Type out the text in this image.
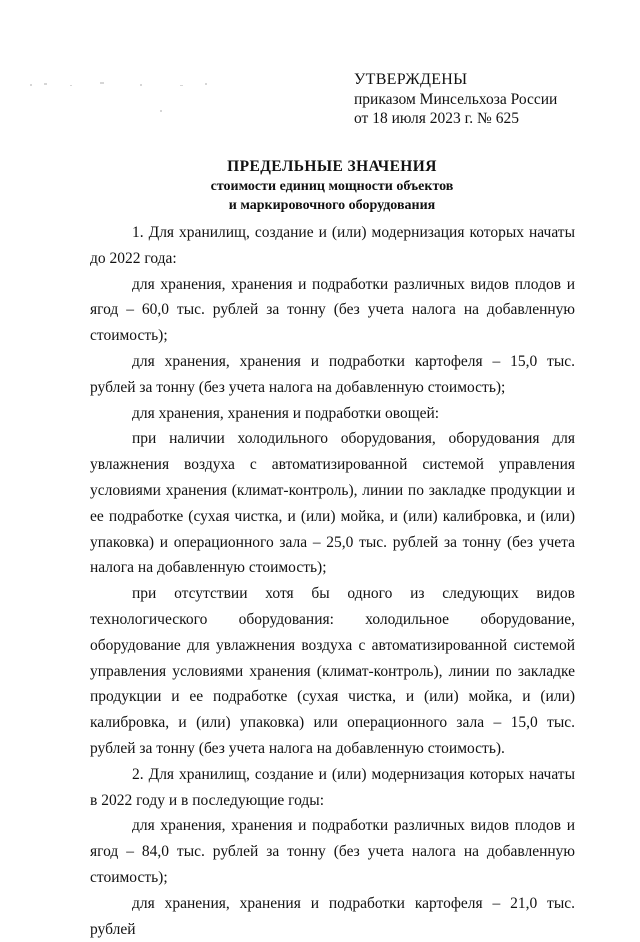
УТВЕРЖДЕНЫ
приказом Минсельхоза России
от 18 июля 2023 г. № 625
ПРЕДЕЛЬНЫЕ ЗНАЧЕНИЯ
стоимости единиц мощности объектов
и маркировочного оборудования

1. Для хранилищ, создание и (или) модернизация которых начаты до 2022 года:

для хранения, хранения и подработки различных видов плодов и ягод – 60,0 тыс. рублей за тонну (без учета налога на добавленную стоимость);

для хранения, хранения и подработки картофеля – 15,0 тыс. рублей за тонну (без учета налога на добавленную стоимость);

для хранения, хранения и подработки овощей:

при наличии холодильного оборудования, оборудования для увлажнения воздуха с автоматизированной системой управления условиями хранения (климат-контроль), линии по закладке продукции и ее подработке (сухая чистка, и (или) мойка, и (или) калибровка, и (или) упаковка) и операционного зала – 25,0 тыс. рублей за тонну (без учета налога на добавленную стоимость);

при отсутствии хотя бы одного из следующих видов технологического оборудования: холодильное оборудование, оборудование для увлажнения воздуха с автоматизированной системой управления условиями хранения (климат-контроль), линии по закладке продукции и ее подработке (сухая чистка, и (или) мойка, и (или) калибровка, и (или) упаковка) или операционного зала – 15,0 тыс. рублей за тонну (без учета налога на добавленную стоимость).

2. Для хранилищ, создание и (или) модернизация которых начаты в 2022 году и в последующие годы:

для хранения, хранения и подработки различных видов плодов и ягод – 84,0 тыс. рублей за тонну (без учета налога на добавленную стоимость);

для хранения, хранения и подработки картофеля – 21,0 тыс. рублей
